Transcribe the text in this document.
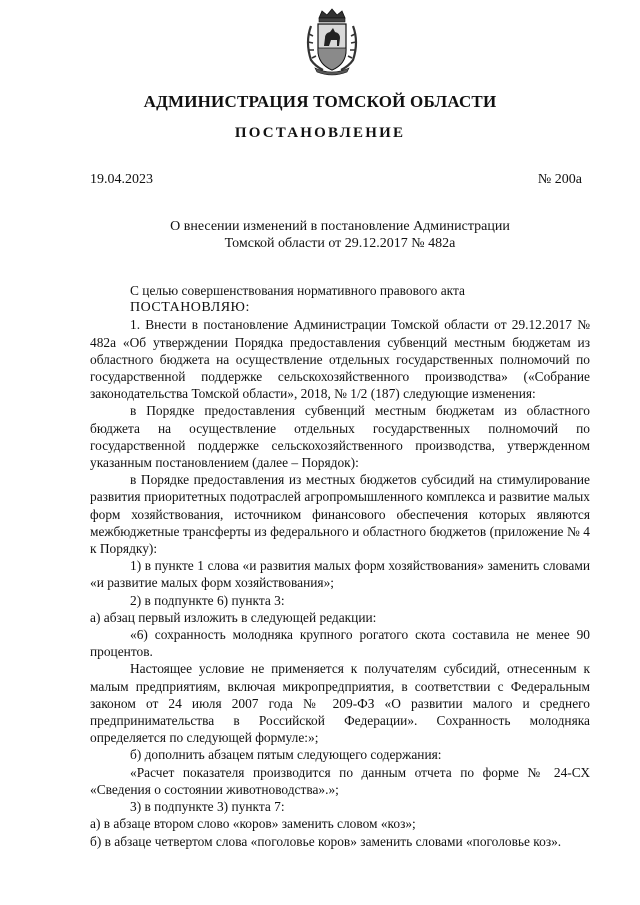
АДМИНИСТРАЦИЯ ТОМСКОЙ ОБЛАСТИ
ПОСТАНОВЛЕНИЕ
19.04.2023	№ 200а
О внесении изменений в постановление Администрации
Томской области от 29.12.2017 № 482а

С целью совершенствования нормативного правового акта

ПОСТАНОВЛЯЮ:

1. Внести в постановление Администрации Томской области от 29.12.2017 № 482а «Об утверждении Порядка предоставления субвенций местным бюджетам из областного бюджета на осуществление отдельных государственных полномочий по государственной поддержке сельскохозяйственного производства» («Собрание законодательства Томской области», 2018, № 1/2 (187) следующие изменения:

в Порядке предоставления субвенций местным бюджетам из областного бюджета на осуществление отдельных государственных полномочий по государственной поддержке сельскохозяйственного производства, утвержденном указанным постановлением (далее – Порядок):

в Порядке предоставления из местных бюджетов субсидий на стимулирование развития приоритетных подотраслей агропромышленного комплекса и развитие малых форм хозяйствования, источником финансового обеспечения которых являются межбюджетные трансферты из федерального и областного бюджетов (приложение № 4 к Порядку):

1) в пункте 1 слова «и развития малых форм хозяйствования» заменить словами «и развитие малых форм хозяйствования»;

2) в подпункте 6) пункта 3:

а) абзац первый изложить в следующей редакции:

«6) сохранность молодняка крупного рогатого скота составила не менее 90 процентов.

Настоящее условие не применяется к получателям субсидий, отнесенным к малым предприятиям, включая микропредприятия, в соответствии с Федеральным законом от 24 июля 2007 года № 209-ФЗ «О развитии малого и среднего предпринимательства в Российской Федерации». Сохранность молодняка определяется по следующей формуле:»;

б) дополнить абзацем пятым следующего содержания:

«Расчет показателя производится по данным отчета по форме № 24-СХ «Сведения о состоянии животноводства».»;

3) в подпункте 3) пункта 7:

а) в абзаце втором слово «коров» заменить словом «коз»;

б) в абзаце четвертом слова «поголовье коров» заменить словами «поголовье коз».
